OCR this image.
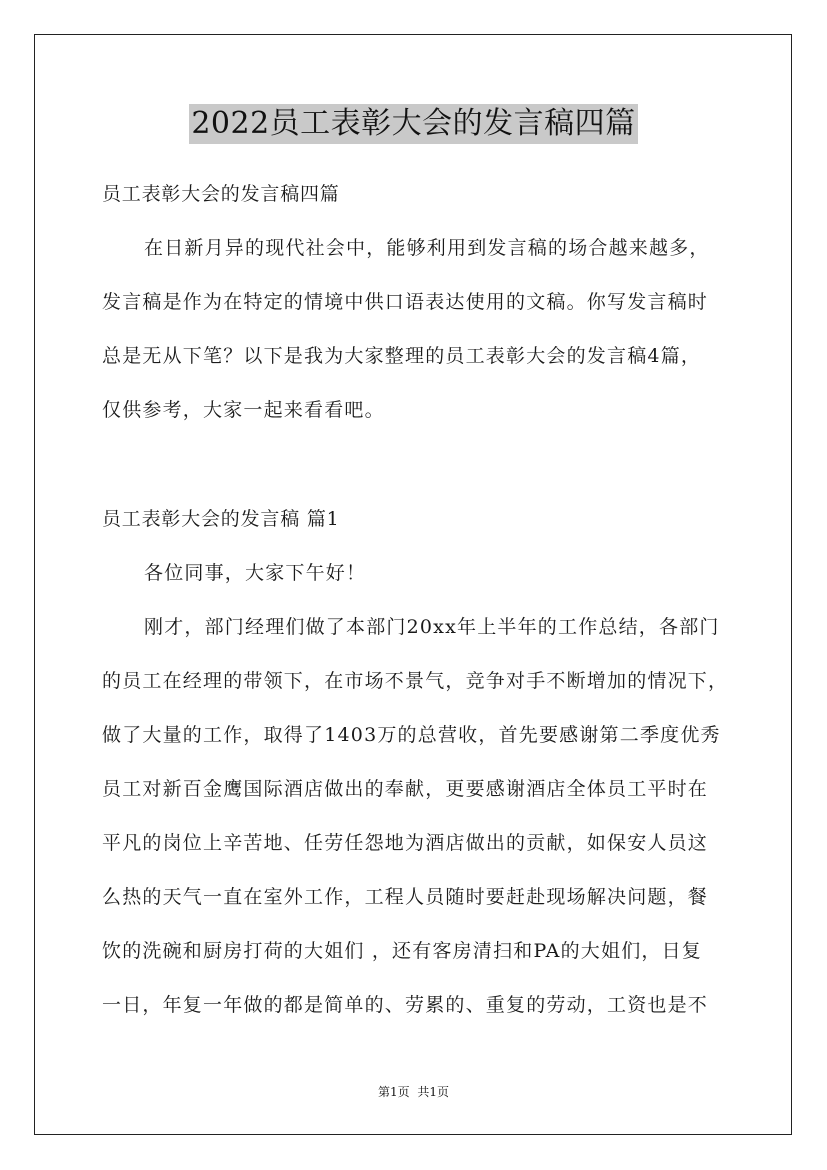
2022员工表彰大会的发言稿四篇
员工表彰大会的发言稿四篇
在日新月异的现代社会中，能够利用到发言稿的场合越来越多，
发言稿是作为在特定的情境中供口语表达使用的文稿。你写发言稿时
总是无从下笔？以下是我为大家整理的员工表彰大会的发言稿4篇，
仅供参考，大家一起来看看吧。
员工表彰大会的发言稿 篇1
各位同事，大家下午好！
刚才，部门经理们做了本部门20xx年上半年的工作总结，各部门
的员工在经理的带领下，在市场不景气，竞争对手不断增加的情况下，
做了大量的工作，取得了1403万的总营收，首先要感谢第二季度优秀
员工对新百金鹰国际酒店做出的奉献，更要感谢酒店全体员工平时在
平凡的岗位上辛苦地、任劳任怨地为酒店做出的贡献，如保安人员这
么热的天气一直在室外工作，工程人员随时要赶赴现场解决问题，餐
饮的洗碗和厨房打荷的大姐们 ，还有客房清扫和PA的大姐们，日复
一日，年复一年做的都是简单的、劳累的、重复的劳动，工资也是不
第1页 共1页
